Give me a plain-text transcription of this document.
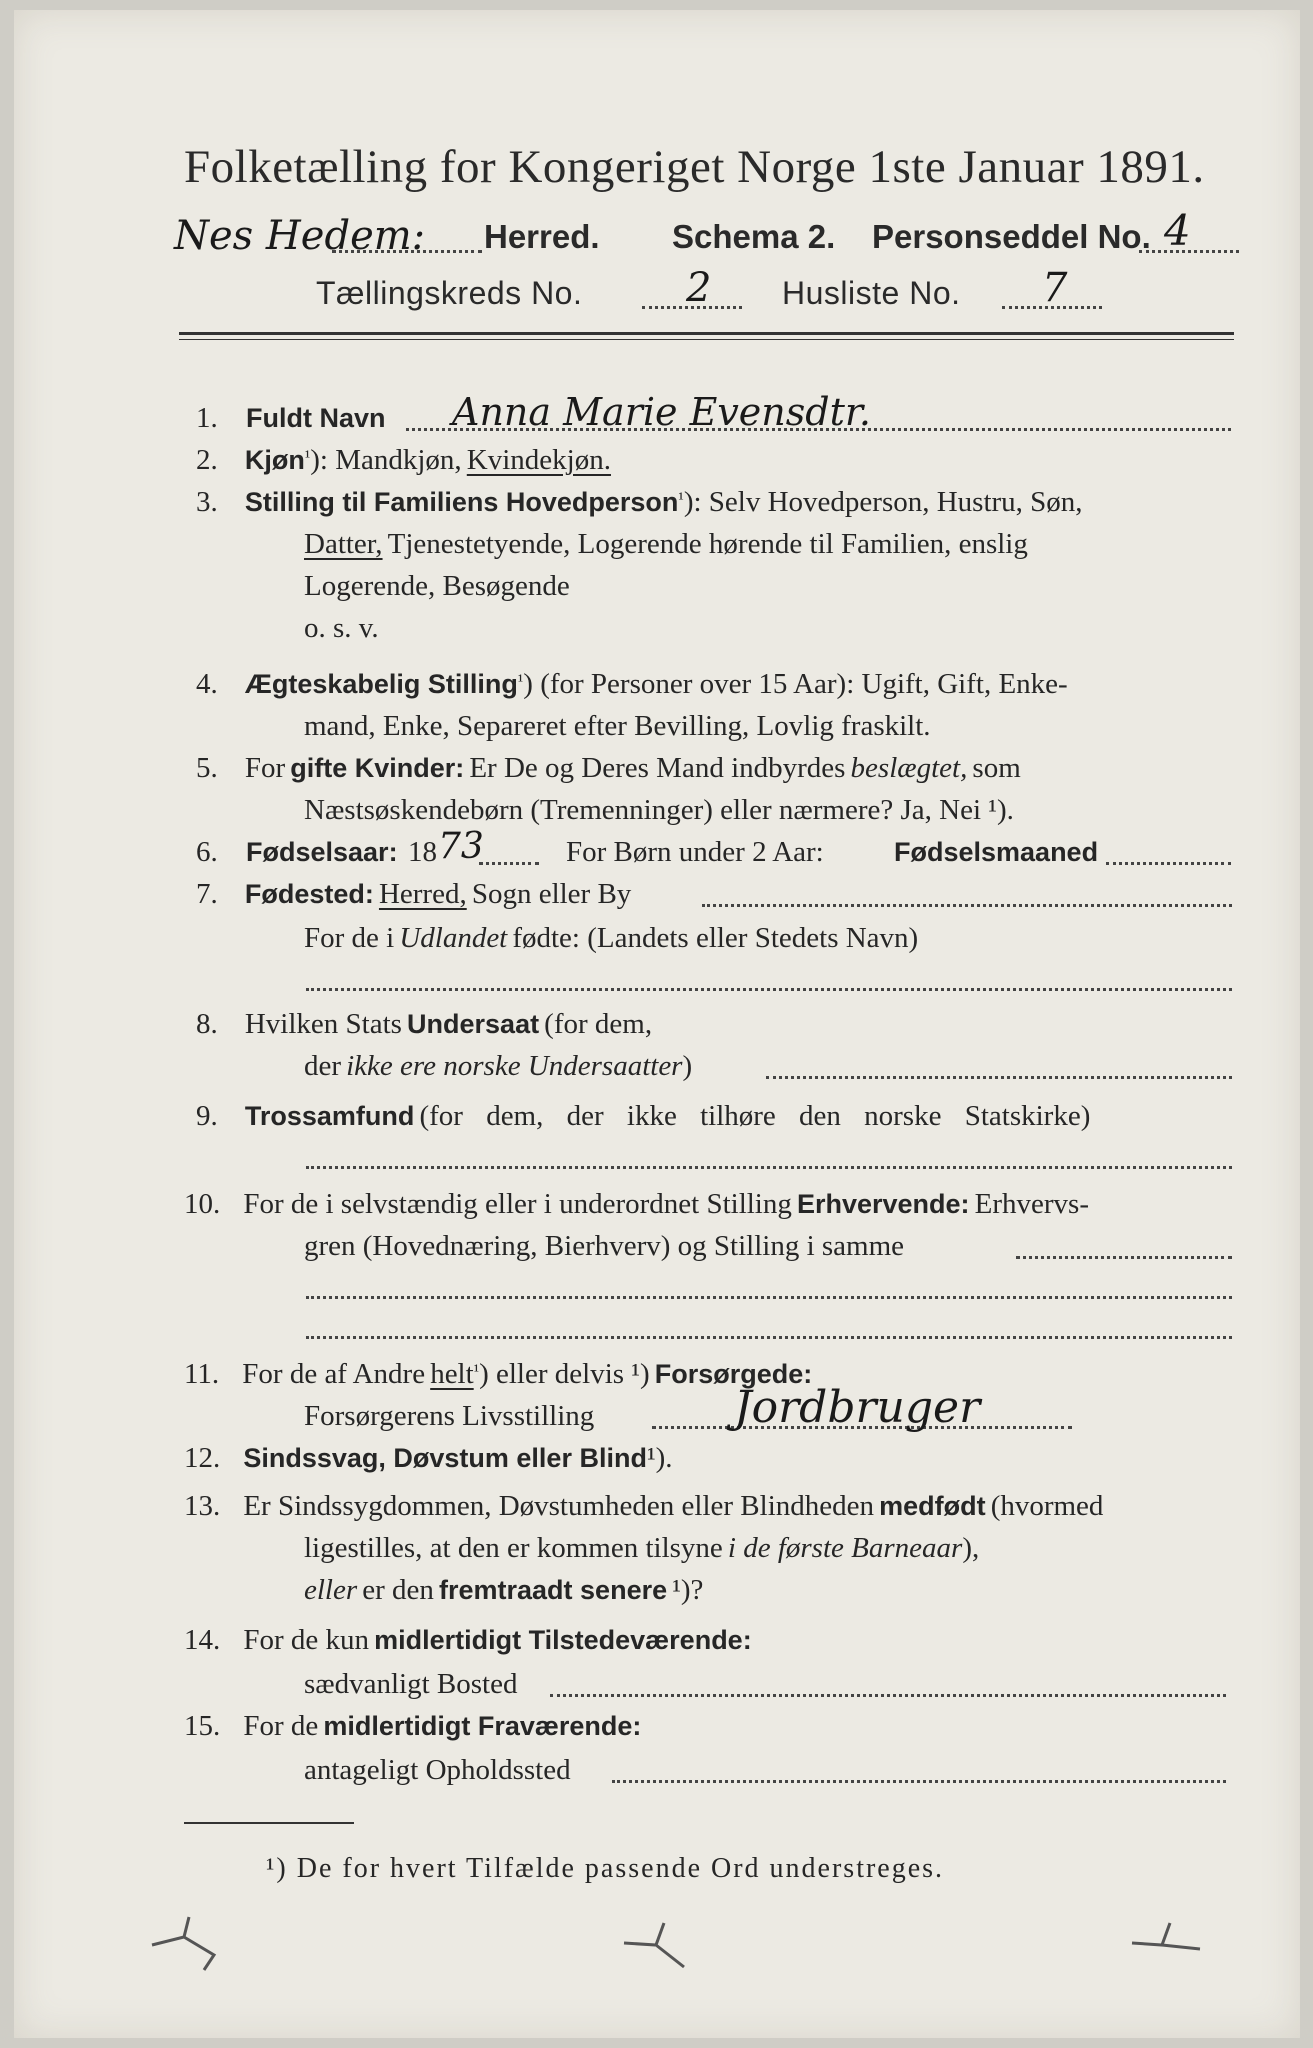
Folketælling for Kongeriget Norge 1ste Januar 1891.
Nes Hedem: Herred. Schema 2. Personseddel No. 4
Tællingskreds No.	2 Husliste No. 7
1. Fuldt Navn Anna Marie Evensdtr.
2. Kjøn¹): Mandkjøn, Kvindekjøn.
3. Stilling til Familiens Hovedperson¹): Selv Hovedperson, Hustru, Søn,
Datter, Tjenestetyende, Logerende hørende til Familien, enslig
Logerende, Besøgende
o. s. v.
4. Ægteskabelig Stilling¹) (for Personer over 15 Aar): Ugift, Gift, Enke-
mand, Enke, Separeret efter Bevilling, Lovlig fraskilt.
5. For gifte Kvinder: Er De og Deres Mand indbyrdes beslægtet, som
Næstsøskendebørn (Tremenninger) eller nærmere? Ja, Nei ¹).
6. Fødselsaar: 18 73	For Børn under 2 Aar:	Fødselsmaaned
7. Fødested: Herred, Sogn eller By
For de i Udlandet fødte: (Landets eller Stedets Navn)
8. Hvilken Stats Undersaat (for dem,
der ikke ere norske Undersaatter)
9. Trossamfund (for dem, der ikke tilhøre den norske Statskirke)
10. For de i selvstændig eller i underordnet Stilling Erhvervende: Erhvervs-
gren (Hovednæring, Bierhverv) og Stilling i samme
11. For de af Andre helt¹) eller delvis ¹) Forsørgede:
Forsørgerens Livsstilling	Jordbruger
12. Sindssvag, Døvstum eller Blind¹).
13. Er Sindssygdommen, Døvstumheden eller Blindheden medfødt (hvormed
ligestilles, at den er kommen tilsyne i de første Barneaar),
eller er den fremtraadt senere ¹)?
14. For de kun midlertidigt Tilstedeværende:
sædvanligt Bosted
15. For de midlertidigt Fraværende:
antageligt Opholdssted
¹) De for hvert Tilfælde passende Ord understreges.
